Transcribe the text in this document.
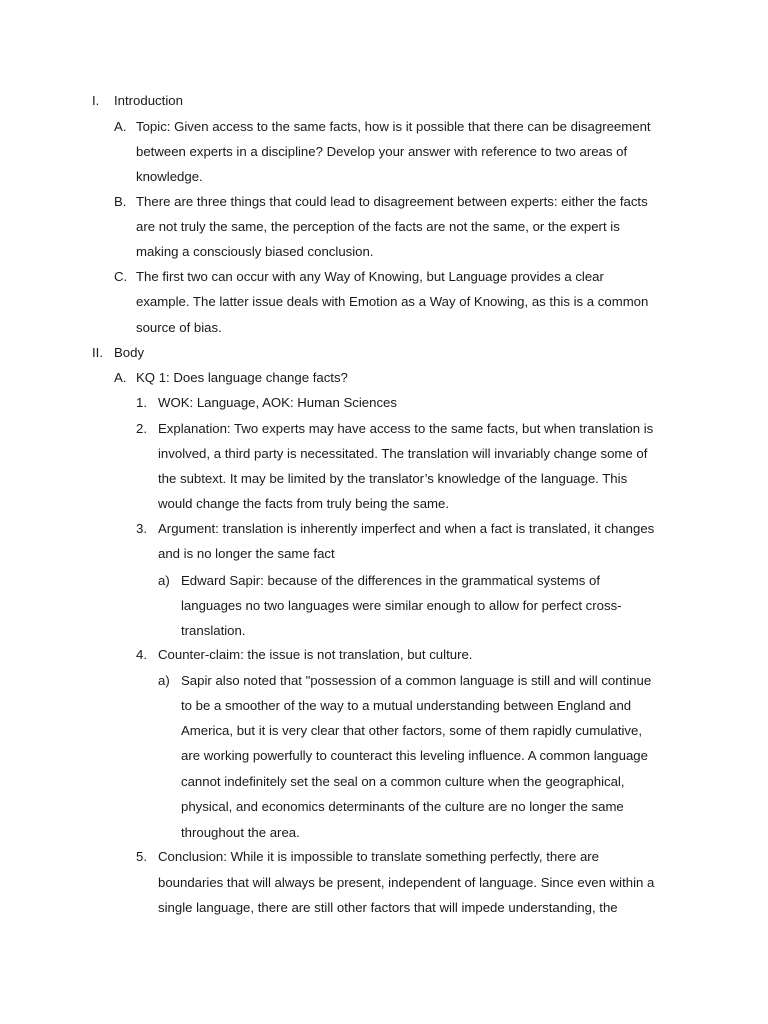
I. Introduction
A. Topic: Given access to the same facts, how is it possible that there can be disagreement
between experts in a discipline? Develop your answer with reference to two areas of
knowledge.
B. There are three things that could lead to disagreement between experts: either the facts
are not truly the same, the perception of the facts are not the same, or the expert is
making a consciously biased conclusion.
C. The first two can occur with any Way of Knowing, but Language provides a clear
example. The latter issue deals with Emotion as a Way of Knowing, as this is a common
source of bias.
II. Body
A. KQ 1: Does language change facts?
1. WOK: Language, AOK: Human Sciences
2. Explanation: Two experts may have access to the same facts, but when translation is
involved, a third party is necessitated. The translation will invariably change some of
the subtext. It may be limited by the translator’s knowledge of the language. This
would change the facts from truly being the same.
3. Argument: translation is inherently imperfect and when a fact is translated, it changes
and is no longer the same fact
a) Edward Sapir: because of the differences in the grammatical systems of
languages no two languages were similar enough to allow for perfect cross-
translation.
4. Counter-claim: the issue is not translation, but culture.
a) Sapir also noted that "possession of a common language is still and will continue
to be a smoother of the way to a mutual understanding between England and
America, but it is very clear that other factors, some of them rapidly cumulative,
are working powerfully to counteract this leveling influence. A common language
cannot indefinitely set the seal on a common culture when the geographical,
physical, and economics determinants of the culture are no longer the same
throughout the area.
5. Conclusion: While it is impossible to translate something perfectly, there are
boundaries that will always be present, independent of language. Since even within a
single language, there are still other factors that will impede understanding, the
